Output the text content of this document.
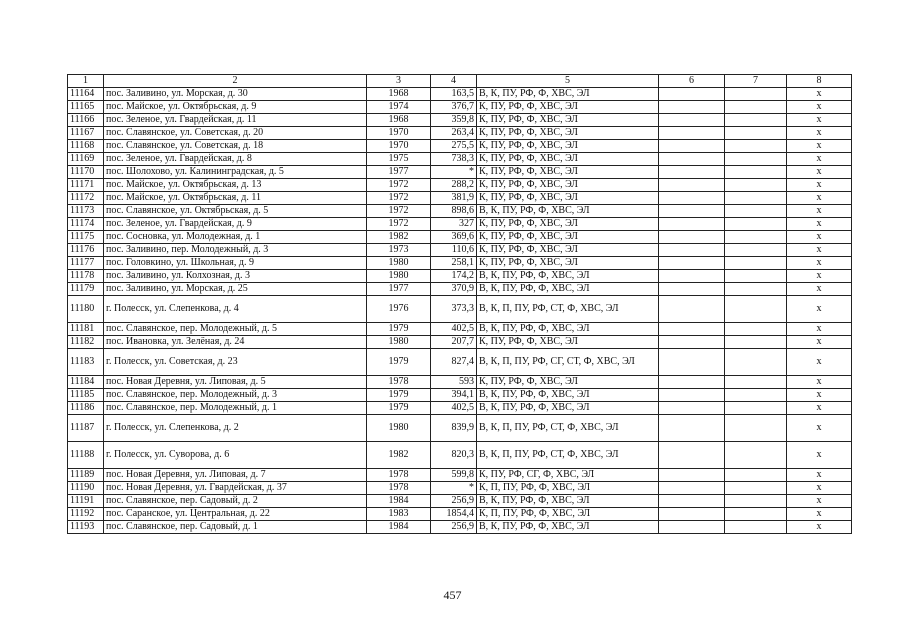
1	2	3	4	5	6	7	8
11164	пос. Заливино, ул. Морская, д. 30	1968	163,5	В, К, ПУ, РФ, Ф, ХВС, ЭЛ			х
11165	пос. Майское, ул. Октябрьская, д. 9	1974	376,7	К, ПУ, РФ, Ф, ХВС, ЭЛ			х
11166	пос. Зеленое, ул. Гвардейская, д. 11	1968	359,8	К, ПУ, РФ, Ф, ХВС, ЭЛ			х
11167	пос. Славянское, ул. Советская, д. 20	1970	263,4	К, ПУ, РФ, Ф, ХВС, ЭЛ			х
11168	пос. Славянское, ул. Советская, д. 18	1970	275,5	К, ПУ, РФ, Ф, ХВС, ЭЛ			х
11169	пос. Зеленое, ул. Гвардейская, д. 8	1975	738,3	К, ПУ, РФ, Ф, ХВС, ЭЛ			х
11170	пос. Шолохово, ул. Калининградская, д. 5	1977	*	К, ПУ, РФ, Ф, ХВС, ЭЛ			х
11171	пос. Майское, ул. Октябрьская, д. 13	1972	288,2	К, ПУ, РФ, Ф, ХВС, ЭЛ			х
11172	пос. Майское, ул. Октябрьская, д. 11	1972	381,9	К, ПУ, РФ, Ф, ХВС, ЭЛ			х
11173	пос. Славянское, ул. Октябрьская, д. 5	1972	898,6	В, К, ПУ, РФ, Ф, ХВС, ЭЛ			х
11174	пос. Зеленое, ул. Гвардейская, д. 9	1972	327	К, ПУ, РФ, Ф, ХВС, ЭЛ			х
11175	пос. Сосновка, ул. Молодежная, д. 1	1982	369,6	К, ПУ, РФ, Ф, ХВС, ЭЛ			х
11176	пос. Заливино, пер. Молодежный, д. 3	1973	110,6	К, ПУ, РФ, Ф, ХВС, ЭЛ			х
11177	пос. Головкино, ул. Школьная, д. 9	1980	258,1	К, ПУ, РФ, Ф, ХВС, ЭЛ			х
11178	пос. Заливино, ул. Колхозная, д. 3	1980	174,2	В, К, ПУ, РФ, Ф, ХВС, ЭЛ			х
11179	пос. Заливино, ул. Морская, д. 25	1977	370,9	В, К, ПУ, РФ, Ф, ХВС, ЭЛ			х
11180	г. Полесск, ул. Слепенкова, д. 4	1976	373,3	В, К, П, ПУ, РФ, СТ, Ф, ХВС, ЭЛ			х
11181	пос. Славянское, пер. Молодежный, д. 5	1979	402,5	В, К, ПУ, РФ, Ф, ХВС, ЭЛ			х
11182	пос. Ивановка, ул. Зелёная, д. 24	1980	207,7	К, ПУ, РФ, Ф, ХВС, ЭЛ			х
11183	г. Полесск, ул. Советская, д. 23	1979	827,4	В, К, П, ПУ, РФ, СГ, СТ, Ф, ХВС, ЭЛ			х
11184	пос. Новая Деревня, ул. Липовая, д. 5	1978	593	К, ПУ, РФ, Ф, ХВС, ЭЛ			х
11185	пос. Славянское, пер. Молодежный, д. 3	1979	394,1	В, К, ПУ, РФ, Ф, ХВС, ЭЛ			х
11186	пос. Славянское, пер. Молодежный, д. 1	1979	402,5	В, К, ПУ, РФ, Ф, ХВС, ЭЛ			х
11187	г. Полесск, ул. Слепенкова, д. 2	1980	839,9	В, К, П, ПУ, РФ, СТ, Ф, ХВС, ЭЛ			х
11188	г. Полесск, ул. Суворова, д. 6	1982	820,3	В, К, П, ПУ, РФ, СТ, Ф, ХВС, ЭЛ			х
11189	пос. Новая Деревня, ул. Липовая, д. 7	1978	599,8	К, ПУ, РФ, СГ, Ф, ХВС, ЭЛ			х
11190	пос. Новая Деревня, ул. Гвардейская, д. 37	1978	*	К, П, ПУ, РФ, Ф, ХВС, ЭЛ			х
11191	пос. Славянское, пер. Садовый, д. 2	1984	256,9	В, К, ПУ, РФ, Ф, ХВС, ЭЛ			х
11192	пос. Саранское, ул. Центральная, д. 22	1983	1854,4	К, П, ПУ, РФ, Ф, ХВС, ЭЛ			х
11193	пос. Славянское, пер. Садовый, д. 1	1984	256,9	В, К, ПУ, РФ, Ф, ХВС, ЭЛ			х
457
